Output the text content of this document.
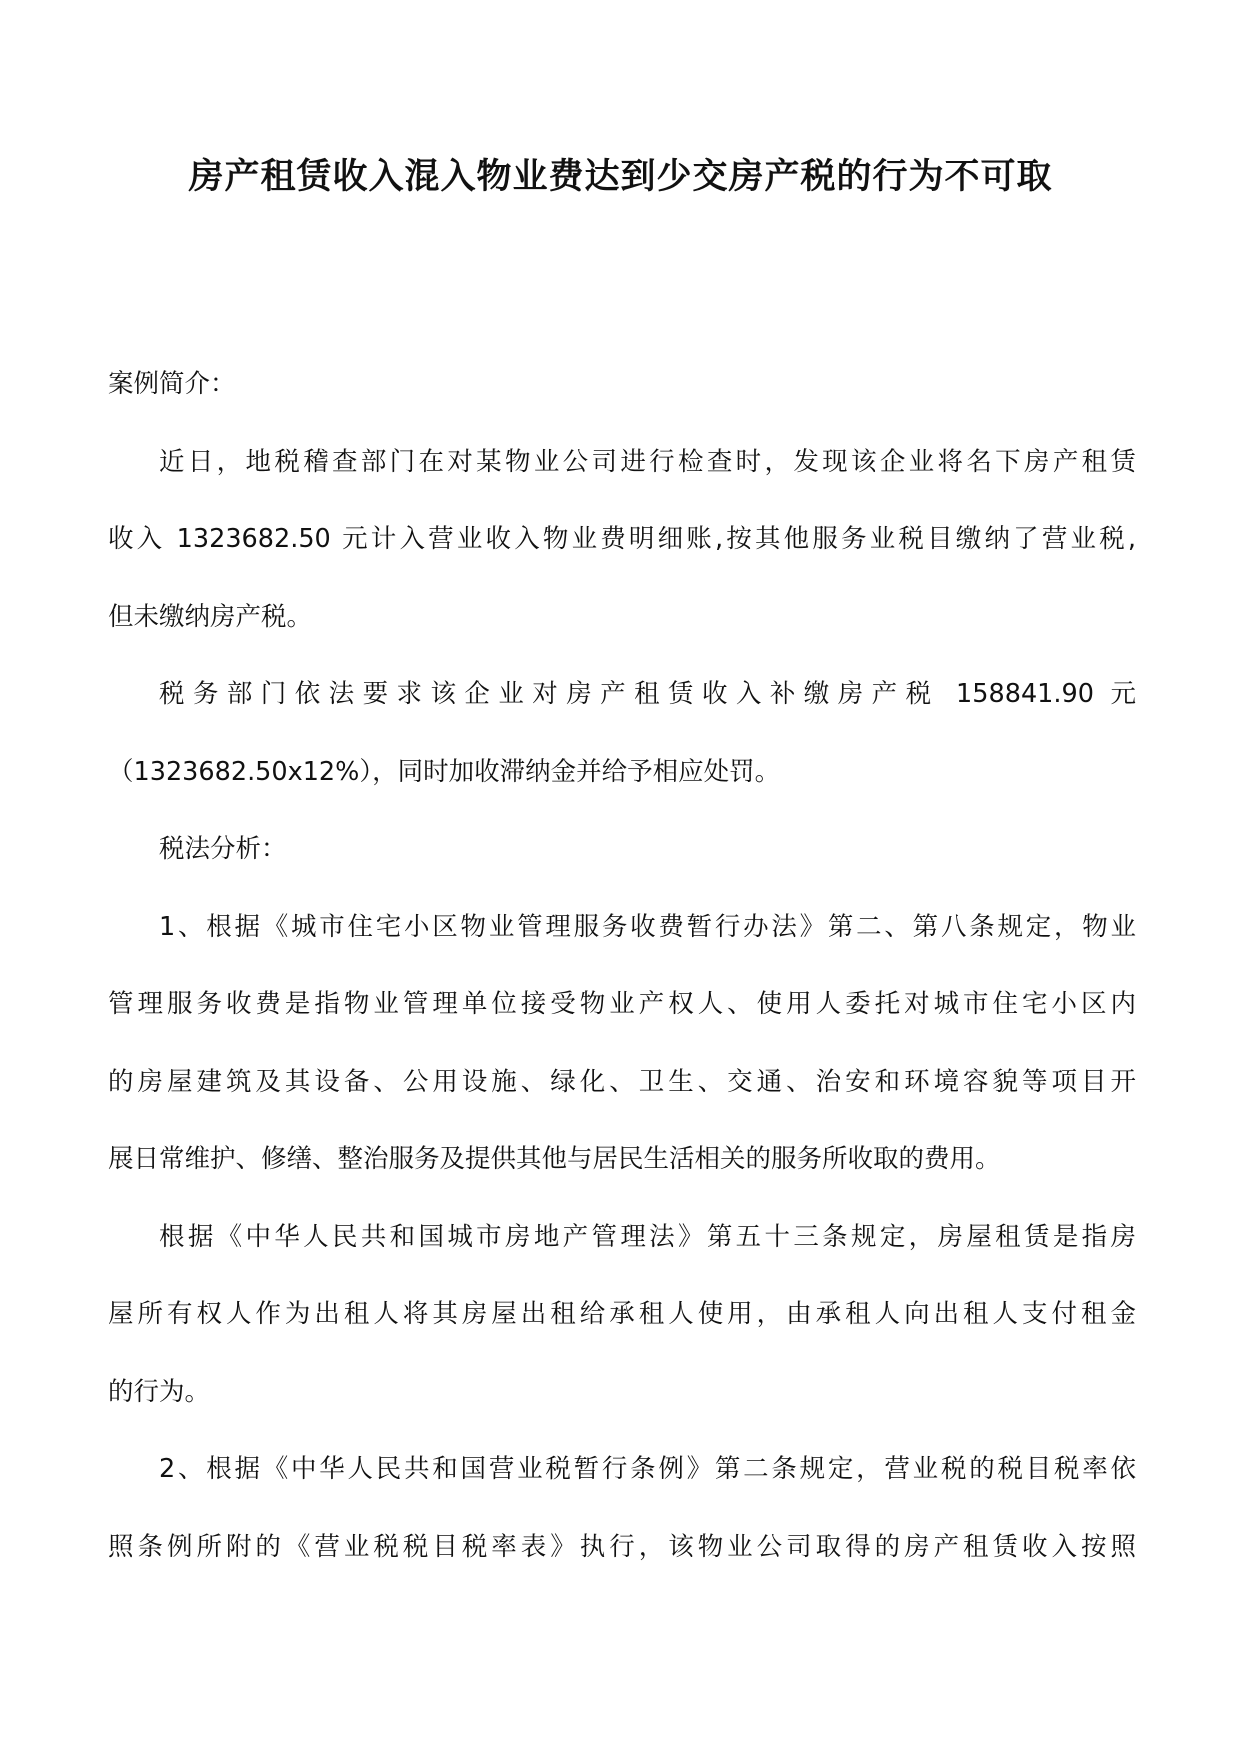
房产租赁收入混入物业费达到少交房产税的行为不可取

案例简介：

近日，地税稽查部门在对某物业公司进行检查时，发现该企业将名下房产租赁

收入 1323682.50 元计入营业收入物业费明细账,按其他服务业税目缴纳了营业税,

但未缴纳房产税。

税务部门依法要求该企业对房产租赁收入补缴房产税 158841.90 元

（1323682.50x12%），同时加收滞纳金并给予相应处罚。

税法分析：

1、根据《城市住宅小区物业管理服务收费暂行办法》第二、第八条规定，物业

管理服务收费是指物业管理单位接受物业产权人、使用人委托对城市住宅小区内

的房屋建筑及其设备、公用设施、绿化、卫生、交通、治安和环境容貌等项目开

展日常维护、修缮、整治服务及提供其他与居民生活相关的服务所收取的费用。

根据《中华人民共和国城市房地产管理法》第五十三条规定，房屋租赁是指房

屋所有权人作为出租人将其房屋出租给承租人使用，由承租人向出租人支付租金

的行为。

2、根据《中华人民共和国营业税暂行条例》第二条规定，营业税的税目税率依

照条例所附的《营业税税目税率表》执行，该物业公司取得的房产租赁收入按照
